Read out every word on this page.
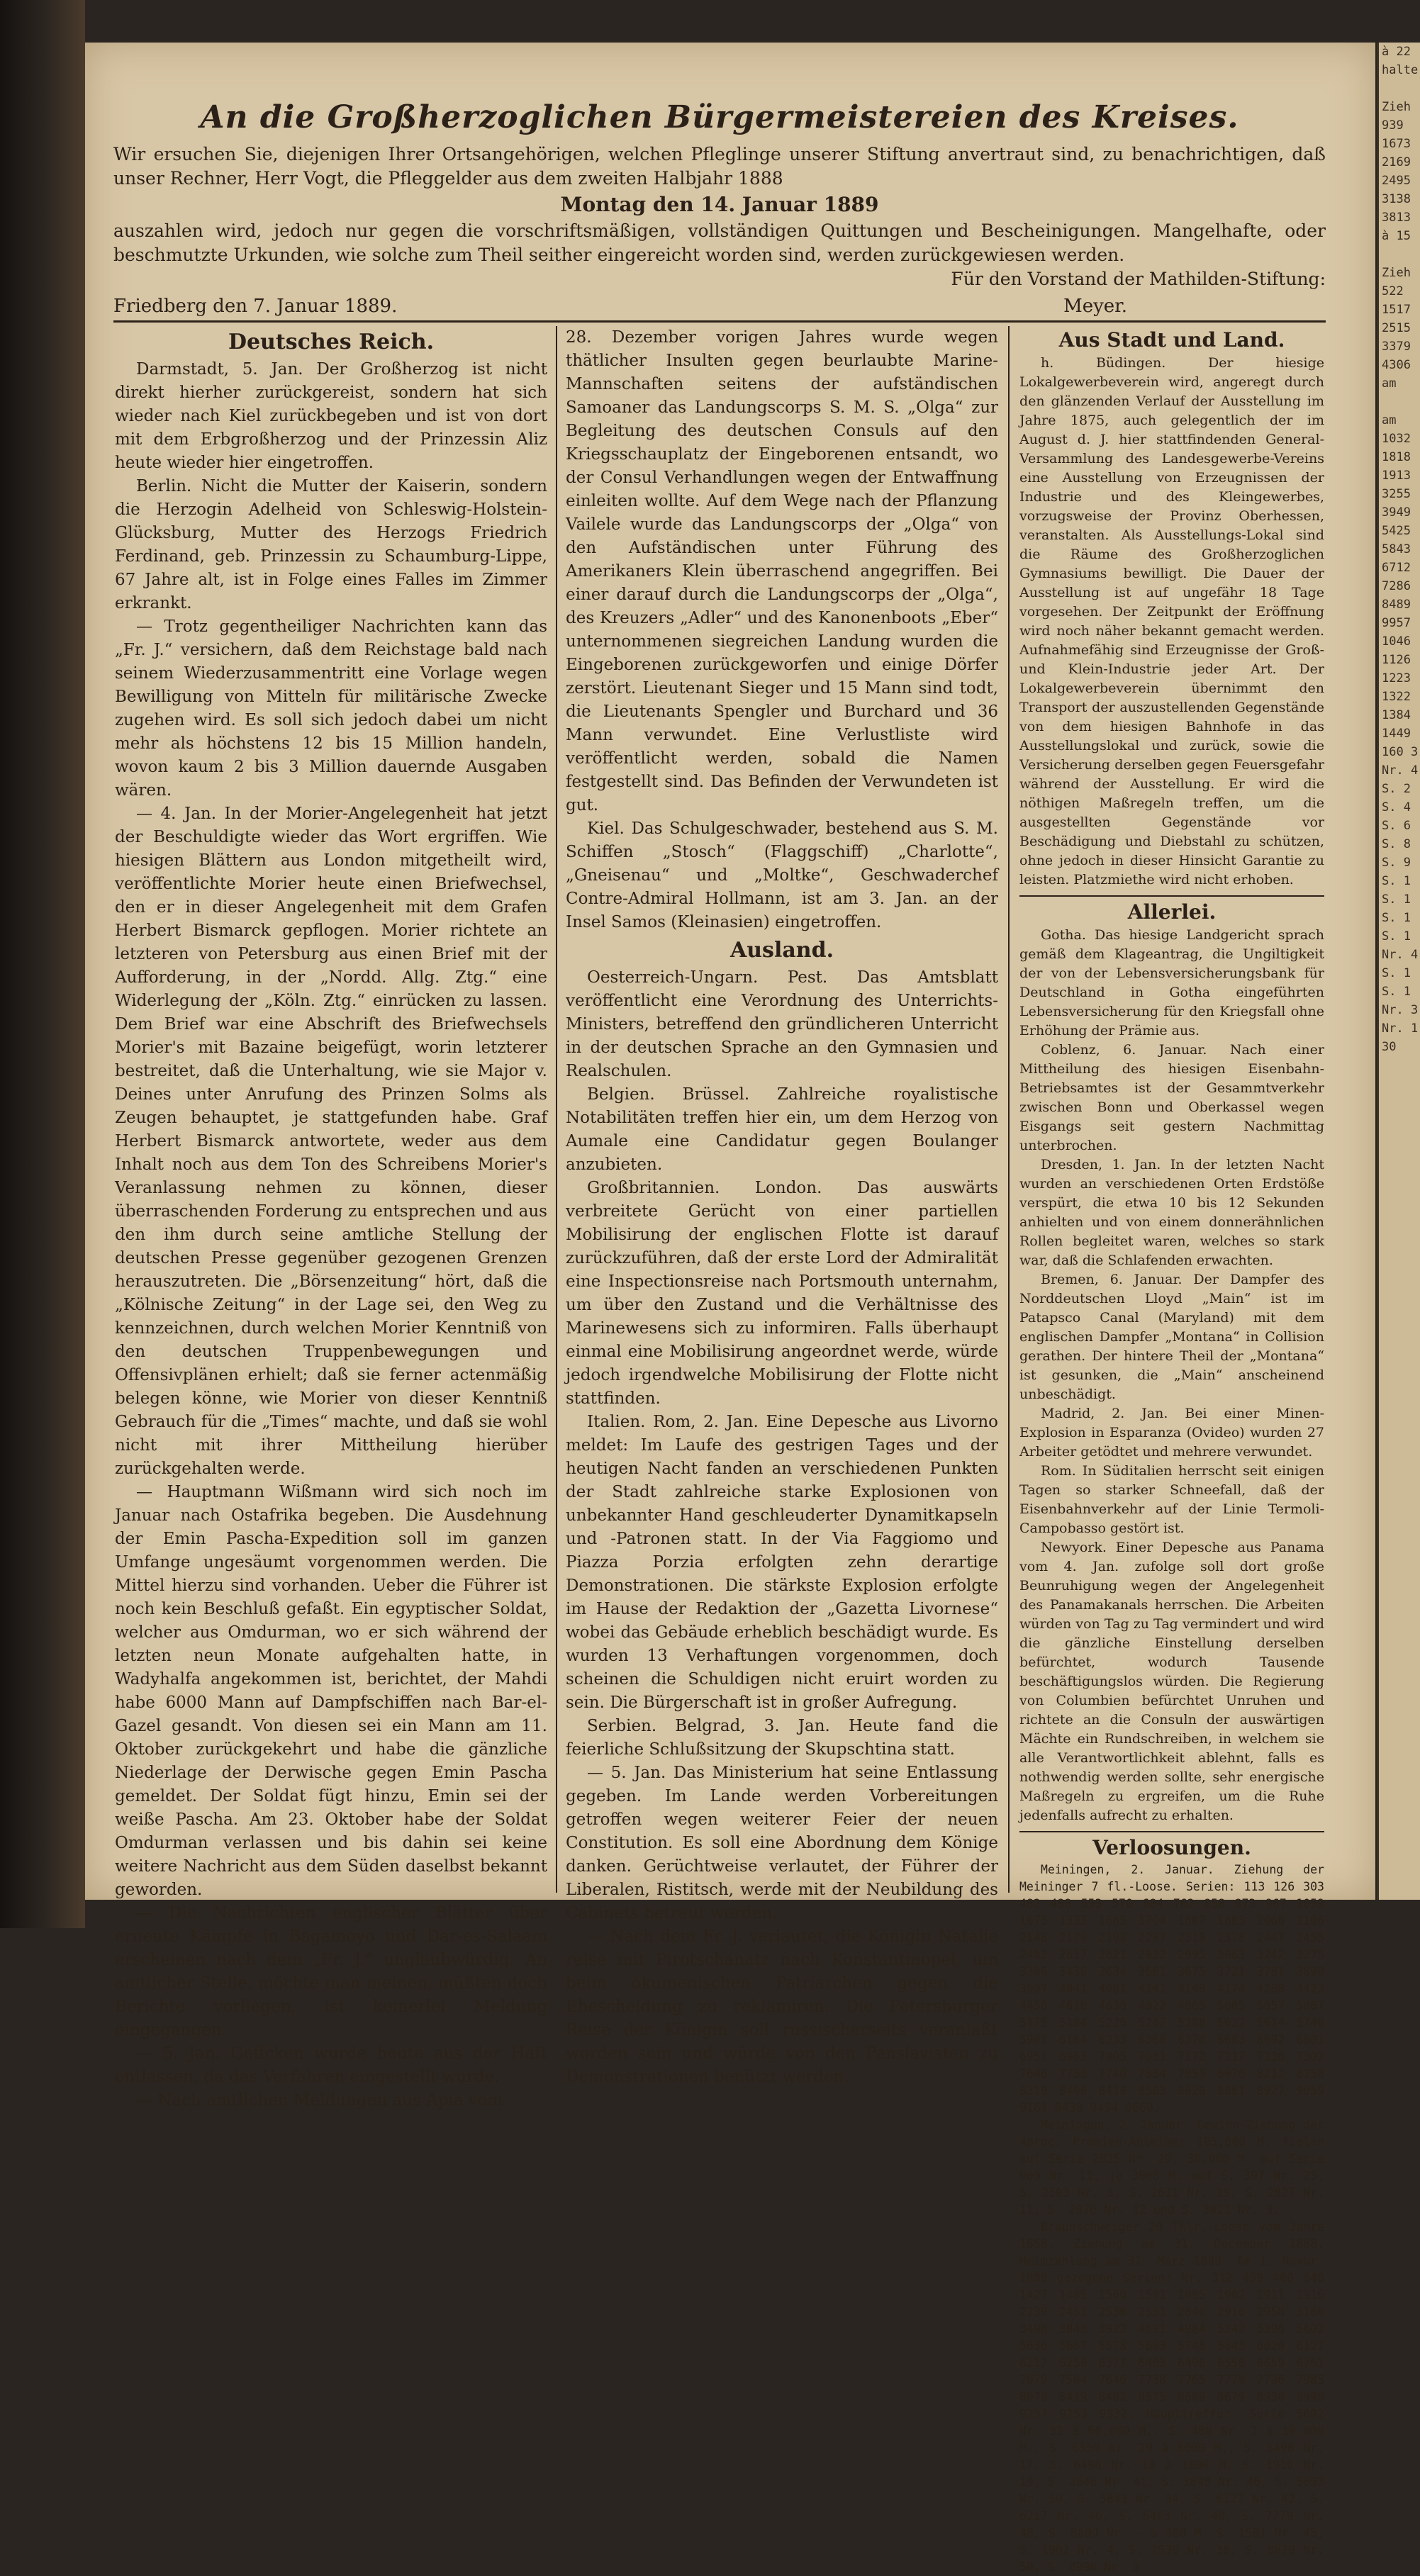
An die Großherzoglichen Bürgermeistereien des Kreises.

Wir ersuchen Sie, diejenigen Ihrer Ortsangehörigen, welchen Pfleglinge unserer Stiftung anvertraut sind, zu benachrichtigen, daß unser Rechner, Herr Vogt, die Pfleggelder aus dem zweiten Halbjahr 1888

Montag den 14. Januar 1889

auszahlen wird, jedoch nur gegen die vorschriftsmäßigen, vollständigen Quittungen und Bescheinigungen. Mangelhafte, oder beschmutzte Urkunden, wie solche zum Theil seither eingereicht worden sind, werden zurückgewiesen werden.

Für den Vorstand der Mathilden-Stiftung:

Friedberg den 7. Januar 1889.	Meyer.
Deutsches Reich.

Darmstadt, 5. Jan. Der Großherzog ist nicht direkt hierher zurückgereist, sondern hat sich wieder nach Kiel zurückbegeben und ist von dort mit dem Erbgroßherzog und der Prinzessin Aliz heute wieder hier eingetroffen.

Berlin. Nicht die Mutter der Kaiserin, sondern die Herzogin Adelheid von Schleswig-Holstein-Glücksburg, Mutter des Herzogs Friedrich Ferdinand, geb. Prinzessin zu Schaumburg-Lippe, 67 Jahre alt, ist in Folge eines Falles im Zimmer erkrankt.

— Trotz gegentheiliger Nachrichten kann das „Fr. J.“ versichern, daß dem Reichstage bald nach seinem Wiederzusammentritt eine Vorlage wegen Bewilligung von Mitteln für militärische Zwecke zugehen wird. Es soll sich jedoch dabei um nicht mehr als höchstens 12 bis 15 Million handeln, wovon kaum 2 bis 3 Million dauernde Ausgaben wären.

— 4. Jan. In der Morier-Angelegenheit hat jetzt der Beschuldigte wieder das Wort ergriffen. Wie hiesigen Blättern aus London mitgetheilt wird, veröffentlichte Morier heute einen Briefwechsel, den er in dieser Angelegenheit mit dem Grafen Herbert Bismarck gepflogen. Morier richtete an letzteren von Petersburg aus einen Brief mit der Aufforderung, in der „Nordd. Allg. Ztg.“ eine Widerlegung der „Köln. Ztg.“ einrücken zu lassen. Dem Brief war eine Abschrift des Briefwechsels Morier's mit Bazaine beigefügt, worin letzterer bestreitet, daß die Unterhaltung, wie sie Major v. Deines unter Anrufung des Prinzen Solms als Zeugen behauptet, je stattgefunden habe. Graf Herbert Bismarck antwortete, weder aus dem Inhalt noch aus dem Ton des Schreibens Morier's Veranlassung nehmen zu können, dieser überraschenden Forderung zu entsprechen und aus den ihm durch seine amtliche Stellung der deutschen Presse gegenüber gezogenen Grenzen herauszutreten. Die „Börsenzeitung“ hört, daß die „Kölnische Zeitung“ in der Lage sei, den Weg zu kennzeichnen, durch welchen Morier Kenntniß von den deutschen Truppenbewegungen und Offensivplänen erhielt; daß sie ferner actenmäßig belegen könne, wie Morier von dieser Kenntniß Gebrauch für die „Times“ machte, und daß sie wohl nicht mit ihrer Mittheilung hierüber zurückgehalten werde.

— Hauptmann Wißmann wird sich noch im Januar nach Ostafrika begeben. Die Ausdehnung der Emin Pascha-Expedition soll im ganzen Umfange ungesäumt vorgenommen werden. Die Mittel hierzu sind vorhanden. Ueber die Führer ist noch kein Beschluß gefaßt. Ein egyptischer Soldat, welcher aus Omdurman, wo er sich während der letzten neun Monate aufgehalten hatte, in Wadyhalfa angekommen ist, berichtet, der Mahdi habe 6000 Mann auf Dampfschiffen nach Bar-el-Gazel gesandt. Von diesen sei ein Mann am 11. Oktober zurückgekehrt und habe die gänzliche Niederlage der Derwische gegen Emin Pascha gemeldet. Der Soldat fügt hinzu, Emin sei der weiße Pascha. Am 23. Oktober habe der Soldat Omdurman verlassen und bis dahin sei keine weitere Nachricht aus dem Süden daselbst bekannt geworden.

— Die Nachrichten englischer Blätter über erneute Kämpfe in Bagamoyo und Dar-es-Salaam erscheinen nach dem „Fr. J.“ unglaubwürdig. An amtlicher Stelle, möchte man meinen, müßten doch Berichte vorliegen, ist keinerlei Meldung eingegangen.

— 5. Jan. Geffcken wurde heute aus der Haft entlassen, da das Verfahren eingestellt wurde.

— Nach amtlichen Meldungen aus Apia vom

28. Dezember vorigen Jahres wurde wegen thätlicher Insulten gegen beurlaubte Marine-Mannschaften seitens der aufständischen Samoaner das Landungscorps S. M. S. „Olga“ zur Begleitung des deutschen Consuls auf den Kriegsschauplatz der Eingeborenen entsandt, wo der Consul Verhandlungen wegen der Entwaffnung einleiten wollte. Auf dem Wege nach der Pflanzung Vailele wurde das Landungscorps der „Olga“ von den Aufständischen unter Führung des Amerikaners Klein überraschend angegriffen. Bei einer darauf durch die Landungscorps der „Olga“, des Kreuzers „Adler“ und des Kanonenboots „Eber“ unternommenen siegreichen Landung wurden die Eingeborenen zurückgeworfen und einige Dörfer zerstört. Lieutenant Sieger und 15 Mann sind todt, die Lieutenants Spengler und Burchard und 36 Mann verwundet. Eine Verlustliste wird veröffentlicht werden, sobald die Namen festgestellt sind. Das Befinden der Verwundeten ist gut.

Kiel. Das Schulgeschwader, bestehend aus S. M. Schiffen „Stosch“ (Flaggschiff) „Charlotte“, „Gneisenau“ und „Moltke“, Geschwaderchef Contre-Admiral Hollmann, ist am 3. Jan. an der Insel Samos (Kleinasien) eingetroffen.

Ausland.

Oesterreich-Ungarn. Pest. Das Amtsblatt veröffentlicht eine Verordnung des Unterrichts-Ministers, betreffend den gründlicheren Unterricht in der deutschen Sprache an den Gymnasien und Realschulen.

Belgien. Brüssel. Zahlreiche royalistische Notabilitäten treffen hier ein, um dem Herzog von Aumale eine Candidatur gegen Boulanger anzubieten.

Großbritannien. London. Das auswärts verbreitete Gerücht von einer partiellen Mobilisirung der englischen Flotte ist darauf zurückzuführen, daß der erste Lord der Admiralität eine Inspectionsreise nach Portsmouth unternahm, um über den Zustand und die Verhältnisse des Marinewesens sich zu informiren. Falls überhaupt einmal eine Mobilisirung angeordnet werde, würde jedoch irgendwelche Mobilisirung der Flotte nicht stattfinden.

Italien. Rom, 2. Jan. Eine Depesche aus Livorno meldet: Im Laufe des gestrigen Tages und der heutigen Nacht fanden an verschiedenen Punkten der Stadt zahlreiche starke Explosionen von unbekannter Hand geschleuderter Dynamitkapseln und -Patronen statt. In der Via Faggiomo und Piazza Porzia erfolgten zehn derartige Demonstrationen. Die stärkste Explosion erfolgte im Hause der Redaktion der „Gazetta Livornese“ wobei das Gebäude erheblich beschädigt wurde. Es wurden 13 Verhaftungen vorgenommen, doch scheinen die Schuldigen nicht eruirt worden zu sein. Die Bürgerschaft ist in großer Aufregung.

Serbien. Belgrad, 3. Jan. Heute fand die feierliche Schlußsitzung der Skupschtina statt.

— 5. Jan. Das Ministerium hat seine Entlassung gegeben. Im Lande werden Vorbereitungen getroffen wegen weiterer Feier der neuen Constitution. Es soll eine Abordnung dem Könige danken. Gerüchtweise verlautet, der Führer der Liberalen, Ristitsch, werde mit der Neubildung des Cabinets betraut werden.

— Nach dem Fr. J. verlautet, die Königin Natalie reise mit Pirotschanatz nach Konstantinopel, um beim ökumenischen Patriarchen gegen die Ehescheidung zu reklamiren. Die Petersburger Reise der Königin soll russischerseits veranlaßt worden sein und würde von den Panslavisten zu Demonstrationen benützt werden.

Aus Stadt und Land.

h. Büdingen. Der hiesige Lokalgewerbeverein wird, angeregt durch den glänzenden Verlauf der Ausstellung im Jahre 1875, auch gelegentlich der im August d. J. hier stattfindenden General-Versammlung des Landesgewerbe-Vereins eine Ausstellung von Erzeugnissen der Industrie und des Kleingewerbes, vorzugsweise der Provinz Oberhessen, veranstalten. Als Ausstellungs-Lokal sind die Räume des Großherzoglichen Gymnasiums bewilligt. Die Dauer der Ausstellung ist auf ungefähr 18 Tage vorgesehen. Der Zeitpunkt der Eröffnung wird noch näher bekannt gemacht werden. Aufnahmefähig sind Erzeugnisse der Groß- und Klein-Industrie jeder Art. Der Lokalgewerbeverein übernimmt den Transport der auszustellenden Gegenstände von dem hiesigen Bahnhofe in das Ausstellungslokal und zurück, sowie die Versicherung derselben gegen Feuersgefahr während der Ausstellung. Er wird die nöthigen Maßregeln treffen, um die ausgestellten Gegenstände vor Beschädigung und Diebstahl zu schützen, ohne jedoch in dieser Hinsicht Garantie zu leisten. Platzmiethe wird nicht erhoben.

Allerlei.

Gotha. Das hiesige Landgericht sprach gemäß dem Klageantrag, die Ungiltigkeit der von der Lebensversicherungsbank für Deutschland in Gotha eingeführten Lebensversicherung für den Kriegsfall ohne Erhöhung der Prämie aus.

Coblenz, 6. Januar. Nach einer Mittheilung des hiesigen Eisenbahn-Betriebsamtes ist der Gesammtverkehr zwischen Bonn und Oberkassel wegen Eisgangs seit gestern Nachmittag unterbrochen.

Dresden, 1. Jan. In der letzten Nacht wurden an verschiedenen Orten Erdstöße verspürt, die etwa 10 bis 12 Sekunden anhielten und von einem donnerähnlichen Rollen begleitet waren, welches so stark war, daß die Schlafenden erwachten.

Bremen, 6. Januar. Der Dampfer des Norddeutschen Lloyd „Main“ ist im Patapsco Canal (Maryland) mit dem englischen Dampfer „Montana“ in Collision gerathen. Der hintere Theil der „Montana“ ist gesunken, die „Main“ anscheinend unbeschädigt.

Madrid, 2. Jan. Bei einer Minen-Explosion in Esparanza (Ovideo) wurden 27 Arbeiter getödtet und mehrere verwundet.

Rom. In Süditalien herrscht seit einigen Tagen so starker Schneefall, daß der Eisenbahnverkehr auf der Linie Termoli-Campobasso gestört ist.

Newyork. Einer Depesche aus Panama vom 4. Jan. zufolge soll dort große Beunruhigung wegen der Angelegenheit des Panamakanals herrschen. Die Arbeiten würden von Tag zu Tag vermindert und wird die gänzliche Einstellung derselben befürchtet, wodurch Tausende beschäftigungslos würden. Die Regierung von Columbien befürchtet Unruhen und richtete an die Consuln der auswärtigen Mächte ein Rundschreiben, in welchem sie alle Verantwortlichkeit ablehnt, falls es nothwendig werden sollte, sehr energische Maßregeln zu ergreifen, um die Ruhe jedenfalls aufrecht zu erhalten.

Verloosungen.

Meiningen, 2. Januar. Ziehung der Meininger 7 fl.-Loose. Serien: 113 126 303 482 488 553 570 684 762 858 873 967 1059 1075 1333 1685 1704 1807 1883 2068 2106 2148 2179 2198 2297 2319 2378 2447 2455 2482 2617 2621 2832 2995 3063 3242 3275 3306 3430 3634 3661 3675 3721 3781 3890 3997 4041 4081 4141 4149 4174 4280 4423 4456 4610 4630 4822 4865 5005 5057 5087 5175 5184 5226 5247 5308 5622 5614 5748 5901 6164 6233 6366 6370 6683 6692 6801 6951 6963 7005 7081 7172 7217 7238 7302 7646 7730 7740 7854 7959 8070 8212 8250 8319 8408 8418 8503 8620 8881 8927 9059 9161 9438 9494 9660.

Meiningen, 2. Januar. Gewinn-Ziehung der 4proc. Prämien-Anleihe: 105,000 M. fielen auf Serie 2025 Nr. 20, 30,000 M. auf Serie 909 Nr. 11, je 3000 M. auf S. 397 Nr. 25, S. 2503 Nr. 3, S. 2611 Nr. 19, S. 2827 Nr. 11, S. 2876 Nr. 12 und S. 3021 Nr. 9.

Braunschweiger 20 Thlr.-Loose vom Jahre 1868. Ziehung am 31. December 1888. Heimzahlung am 31. März 1889. Am 1. Novbr. 1888 gezogene Serien: Nr. 312 439 480 848 1427 1485 1560 1581 1895 1902 1911 1916 2239 2451 2530 2551 2646 2916 2958 3166 3498 3848 3922 4691 4984 5242 5396 5602 5636 5667 5678 5693 5748 5843 6020 6127 6217 6250 6377 6403 6496 6550 6659 6761 7079 7504 7646 7738 7765 7779 7796 7985 8079 8419 8482 8575 8609 8679 8930 8990 9237 9253 9332. Haupttreffer: Serie 5602 Nr. 33 à 60,000 M., S. 480 Nr. 1 à 10,800 M., S. 6550 Nr. 29 à 6000 M., S. 5496 Nr. 17, S. 6496 Nr. 18 à 1800 M. S. 1916 Nr. 19, S. 2646 Nr. 41, S. 3848 Nr. 46, S. 5693 Nr. 50, S. 5843 Nr. 34, S. 6127 Nr. 42, S. 6217 Nr. 46, S. 6403 Nr. 40, S. 7779 Nr. 48, S. 8609 Nr. — à 300 M. S. 1581 Nr. 45, S. 1902 Nr. 4, S. 2530 Nr. 38, S. 8679 Nr. 50, S. 8990 Nr. 3

à 22
halte

Zieh
939
1673
2169
2495
3138
3813
à 15

Zieh
522
1517
2515
3379
4306
am

am
1032
1818
1913
3255
3949
5425
5843
6712
7286
8489
9957
1046
1126
1223
1322
1384
1449
160 3
Nr. 4
S. 2
S. 4
S. 6
S. 8
S. 9
S. 1
S. 1
S. 1
S. 1
Nr. 4
S. 1
S. 1
Nr. 3
Nr. 1
30
